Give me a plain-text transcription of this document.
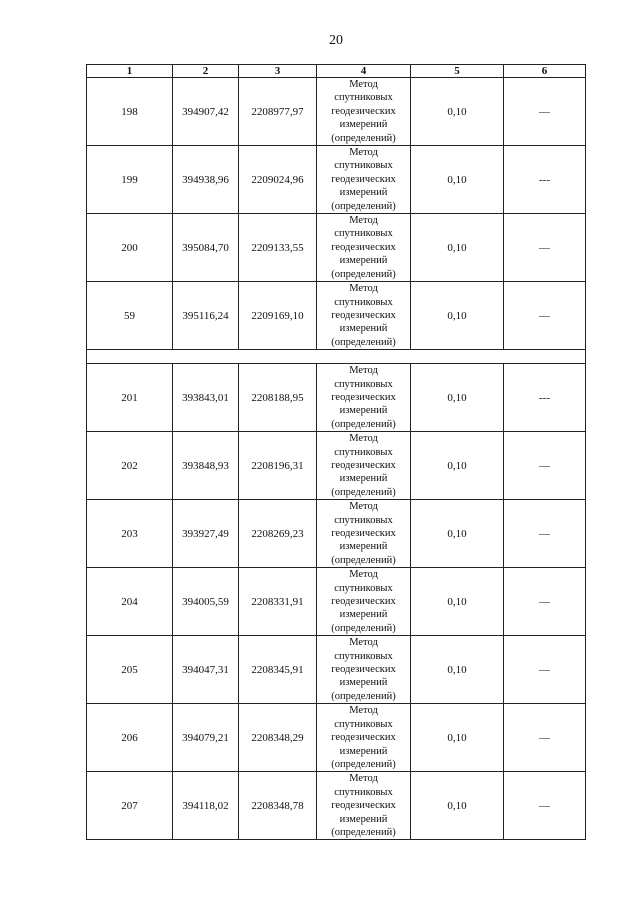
20
1	2	3	4	5	6
198	394907,42	2208977,97	Метод
спутниковых
геодезических
измерений
(определений)	0,10	—
199	394938,96	2209024,96	Метод
спутниковых
геодезических
измерений
(определений)	0,10	---
200	395084,70	2209133,55	Метод
спутниковых
геодезических
измерений
(определений)	0,10	—
59	395116,24	2209169,10	Метод
спутниковых
геодезических
измерений
(определений)	0,10	—

201	393843,01	2208188,95	Метод
спутниковых
геодезических
измерений
(определений)	0,10	---
202	393848,93	2208196,31	Метод
спутниковых
геодезических
измерений
(определений)	0,10	—
203	393927,49	2208269,23	Метод
спутниковых
геодезических
измерений
(определений)	0,10	—
204	394005,59	2208331,91	Метод
спутниковых
геодезических
измерений
(определений)	0,10	—
205	394047,31	2208345,91	Метод
спутниковых
геодезических
измерений
(определений)	0,10	—
206	394079,21	2208348,29	Метод
спутниковых
геодезических
измерений
(определений)	0,10	—
207	394118,02	2208348,78	Метод
спутниковых
геодезических
измерений
(определений)	0,10	—
